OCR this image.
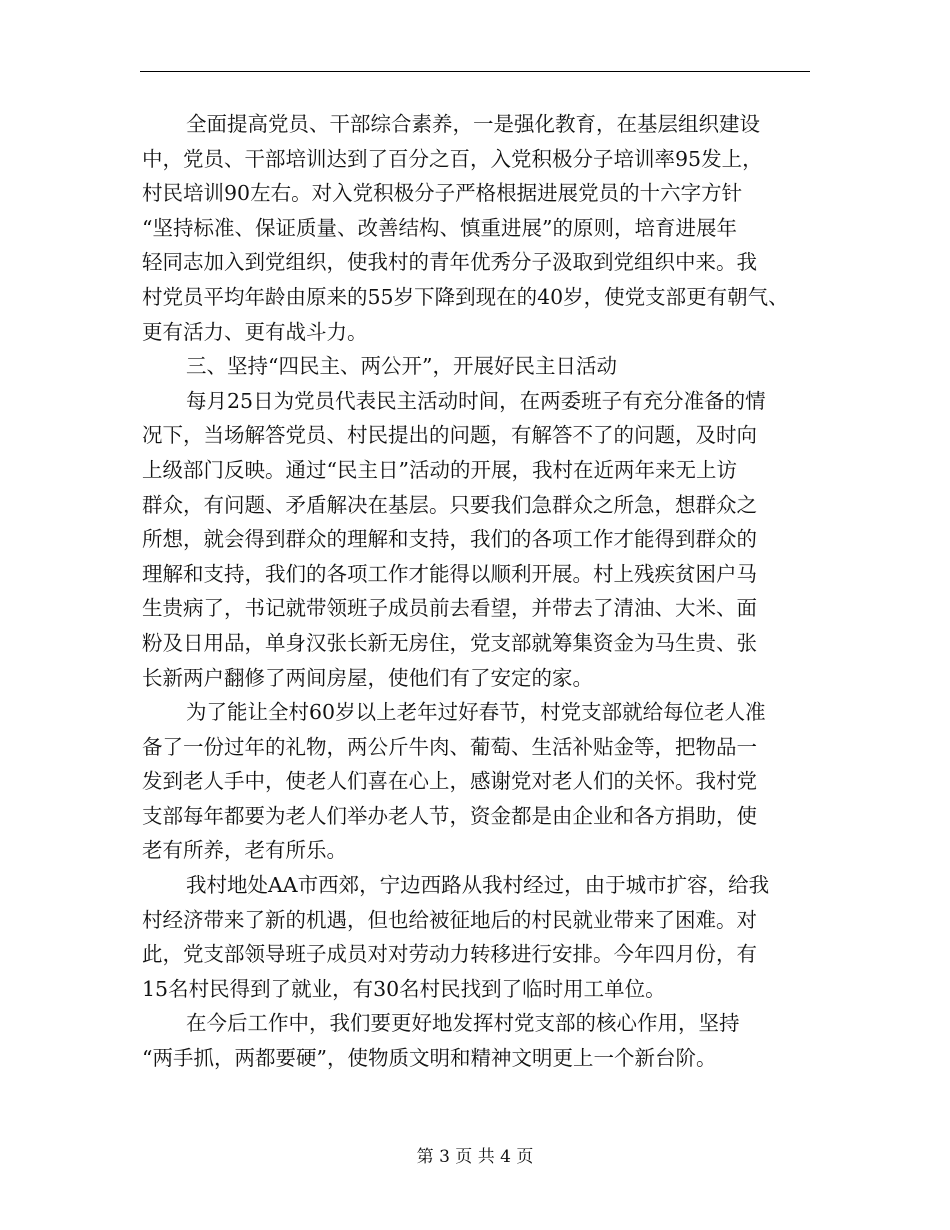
全面提高党员、干部综合素养，一是强化教育，在基层组织建设
中，党员、干部培训达到了百分之百，入党积极分子培训率95发上，
村民培训90左右。对入党积极分子严格根据进展党员的十六字方针
“坚持标准、保证质量、改善结构、慎重进展”的原则，培育进展年
轻同志加入到党组织，使我村的青年优秀分子汲取到党组织中来。我
村党员平均年龄由原来的55岁下降到现在的40岁，使党支部更有朝气、
更有活力、更有战斗力。
三、坚持“四民主、两公开”，开展好民主日活动
每月25日为党员代表民主活动时间，在两委班子有充分准备的情
况下，当场解答党员、村民提出的问题，有解答不了的问题，及时向
上级部门反映。通过“民主日”活动的开展，我村在近两年来无上访
群众，有问题、矛盾解决在基层。只要我们急群众之所急，想群众之
所想，就会得到群众的理解和支持，我们的各项工作才能得到群众的
理解和支持，我们的各项工作才能得以顺利开展。村上残疾贫困户马
生贵病了，书记就带领班子成员前去看望，并带去了清油、大米、面
粉及日用品，单身汉张长新无房住，党支部就筹集资金为马生贵、张
长新两户翻修了两间房屋，使他们有了安定的家。
为了能让全村60岁以上老年过好春节，村党支部就给每位老人准
备了一份过年的礼物，两公斤牛肉、葡萄、生活补贴金等，把物品一
发到老人手中，使老人们喜在心上，感谢党对老人们的关怀。我村党
支部每年都要为老人们举办老人节，资金都是由企业和各方捐助，使
老有所养，老有所乐。
我村地处AA市西郊，宁边西路从我村经过，由于城市扩容，给我
村经济带来了新的机遇，但也给被征地后的村民就业带来了困难。对
此，党支部领导班子成员对对劳动力转移进行安排。今年四月份，有
15名村民得到了就业，有30名村民找到了临时用工单位。
在今后工作中，我们要更好地发挥村党支部的核心作用，坚持
“两手抓，两都要硬”，使物质文明和精神文明更上一个新台阶。
第 3 页 共 4 页
